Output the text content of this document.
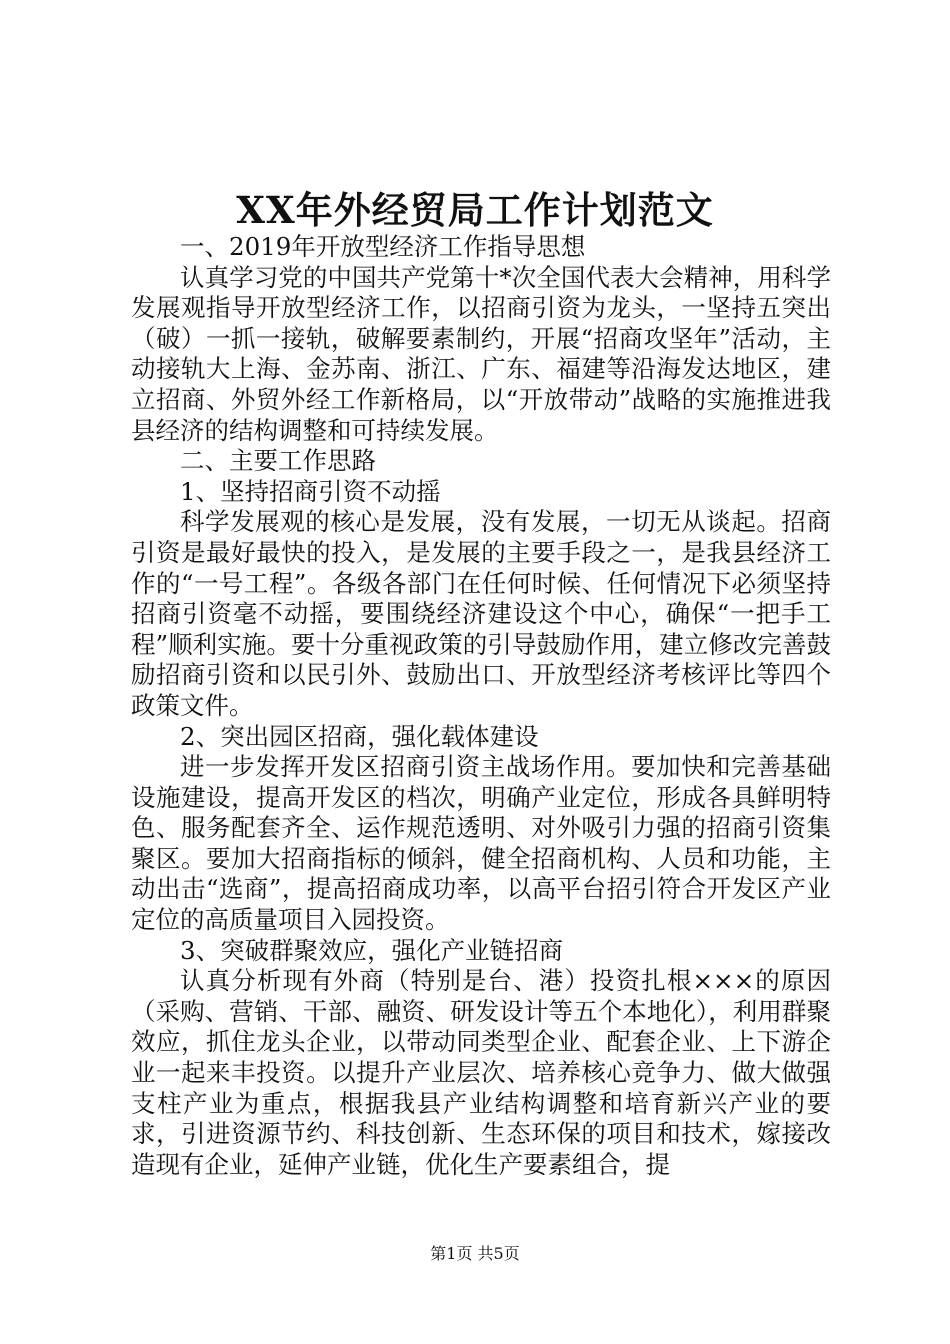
XX年外经贸局工作计划范文

一、2019年开放型经济工作指导思想

认真学习党的中国共产党第十*次全国代表大会精神，用科学发展观指导开放型经济工作，以招商引资为龙头，一坚持五突出（破）一抓一接轨，破解要素制约，开展“招商攻坚年”活动，主动接轨大上海、金苏南、浙江、广东、福建等沿海发达地区，建立招商、外贸外经工作新格局，以“开放带动”战略的实施推进我县经济的结构调整和可持续发展。

二、主要工作思路

1、坚持招商引资不动摇

科学发展观的核心是发展，没有发展，一切无从谈起。招商引资是最好最快的投入，是发展的主要手段之一，是我县经济工作的“一号工程”。各级各部门在任何时候、任何情况下必须坚持招商引资毫不动摇，要围绕经济建设这个中心，确保“一把手工程”顺利实施。要十分重视政策的引导鼓励作用，建立修改完善鼓励招商引资和以民引外、鼓励出口、开放型经济考核评比等四个政策文件。

2、突出园区招商，强化载体建设

进一步发挥开发区招商引资主战场作用。要加快和完善基础设施建设，提高开发区的档次，明确产业定位，形成各具鲜明特色、服务配套齐全、运作规范透明、对外吸引力强的招商引资集聚区。要加大招商指标的倾斜，健全招商机构、人员和功能，主动出击“选商”，提高招商成功率，以高平台招引符合开发区产业定位的高质量项目入园投资。

3、突破群聚效应，强化产业链招商

认真分析现有外商（特别是台、港）投资扎根×××的原因（采购、营销、干部、融资、研发设计等五个本地化），利用群聚效应，抓住龙头企业，以带动同类型企业、配套企业、上下游企业一起来丰投资。以提升产业层次、培养核心竞争力、做大做强支柱产业为重点，根据我县产业结构调整和培育新兴产业的要求，引进资源节约、科技创新、生态环保的项目和技术，嫁接改造现有企业，延伸产业链，优化生产要素组合，提

第1页 共5页
